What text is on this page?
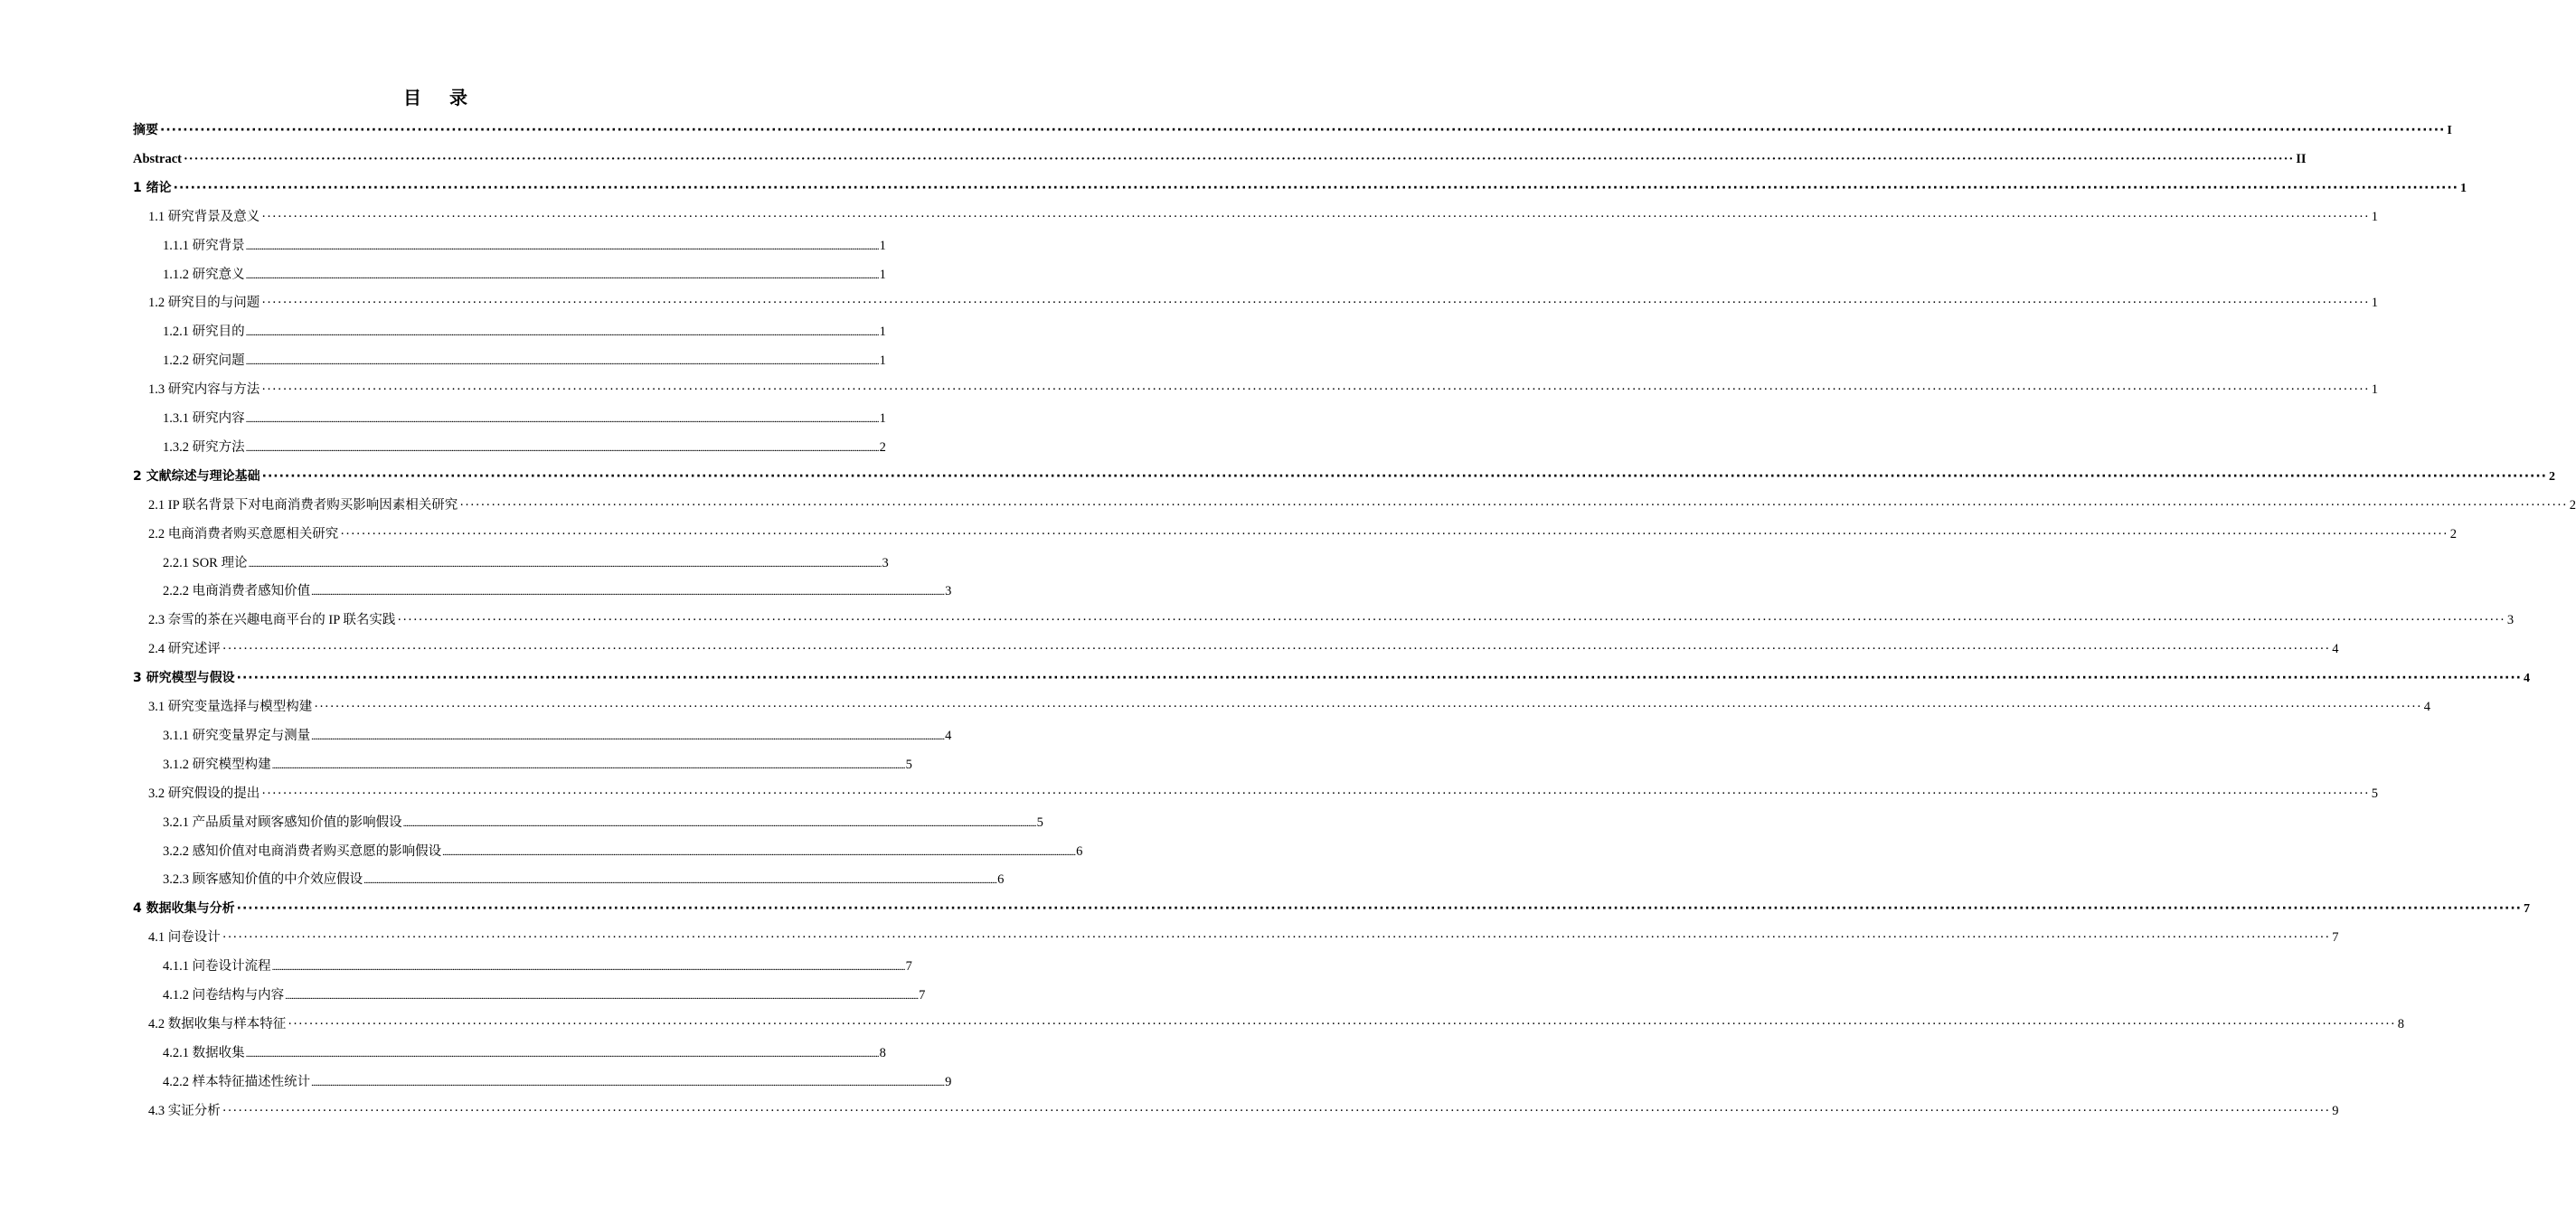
目 录
摘要 ················································································································································································································································································································································································································ I
Abstract ················································································································································································································································································································································································································ II
1 绪论 ················································································································································································································································································································································································································ 1
1.1 研究背景及意义 ················································································································································································································································································································································································································ 1
1.1.1 研究背景 ................................................................................................................................................................................................................................................................................................................................................................................................................ 1
1.1.2 研究意义 ................................................................................................................................................................................................................................................................................................................................................................................................................ 1
1.2 研究目的与问题 ················································································································································································································································································································································································································ 1
1.2.1 研究目的 ................................................................................................................................................................................................................................................................................................................................................................................................................ 1
1.2.2 研究问题 ................................................................................................................................................................................................................................................................................................................................................................................................................ 1
1.3 研究内容与方法 ················································································································································································································································································································································································································ 1
1.3.1 研究内容 ................................................................................................................................................................................................................................................................................................................................................................................................................ 1
1.3.2 研究方法 ................................................................................................................................................................................................................................................................................................................................................................................................................ 2
2 文献综述与理论基础 ················································································································································································································································································································································································································ 2
2.1 IP 联名背景下对电商消费者购买影响因素相关研究 ················································································································································································································································································································································································································ 2
2.2 电商消费者购买意愿相关研究 ················································································································································································································································································································································································································ 2
2.2.1 SOR 理论 ................................................................................................................................................................................................................................................................................................................................................................................................................ 3
2.2.2 电商消费者感知价值 ................................................................................................................................................................................................................................................................................................................................................................................................................ 3
2.3 奈雪的茶在兴趣电商平台的 IP 联名实践 ················································································································································································································································································································································································································ 3
2.4 研究述评 ················································································································································································································································································································································································································ 4
3 研究模型与假设 ················································································································································································································································································································································································································ 4
3.1 研究变量选择与模型构建 ················································································································································································································································································································································································································ 4
3.1.1 研究变量界定与测量 ................................................................................................................................................................................................................................................................................................................................................................................................................ 4
3.1.2 研究模型构建 ................................................................................................................................................................................................................................................................................................................................................................................................................ 5
3.2 研究假设的提出 ················································································································································································································································································································································································································ 5
3.2.1 产品质量对顾客感知价值的影响假设 ................................................................................................................................................................................................................................................................................................................................................................................................................ 5
3.2.2 感知价值对电商消费者购买意愿的影响假设 ................................................................................................................................................................................................................................................................................................................................................................................................................ 6
3.2.3 顾客感知价值的中介效应假设 ................................................................................................................................................................................................................................................................................................................................................................................................................ 6
4 数据收集与分析 ················································································································································································································································································································································································································ 7
4.1 问卷设计 ················································································································································································································································································································································································································ 7
4.1.1 问卷设计流程 ................................................................................................................................................................................................................................................................................................................................................................................................................ 7
4.1.2 问卷结构与内容 ................................................................................................................................................................................................................................................................................................................................................................................................................ 7
4.2 数据收集与样本特征 ················································································································································································································································································································································································································ 8
4.2.1 数据收集 ................................................................................................................................................................................................................................................................................................................................................................................................................ 8
4.2.2 样本特征描述性统计 ................................................................................................................................................................................................................................................................................................................................................................................................................ 9
4.3 实证分析 ················································································································································································································································································································································································································ 9
